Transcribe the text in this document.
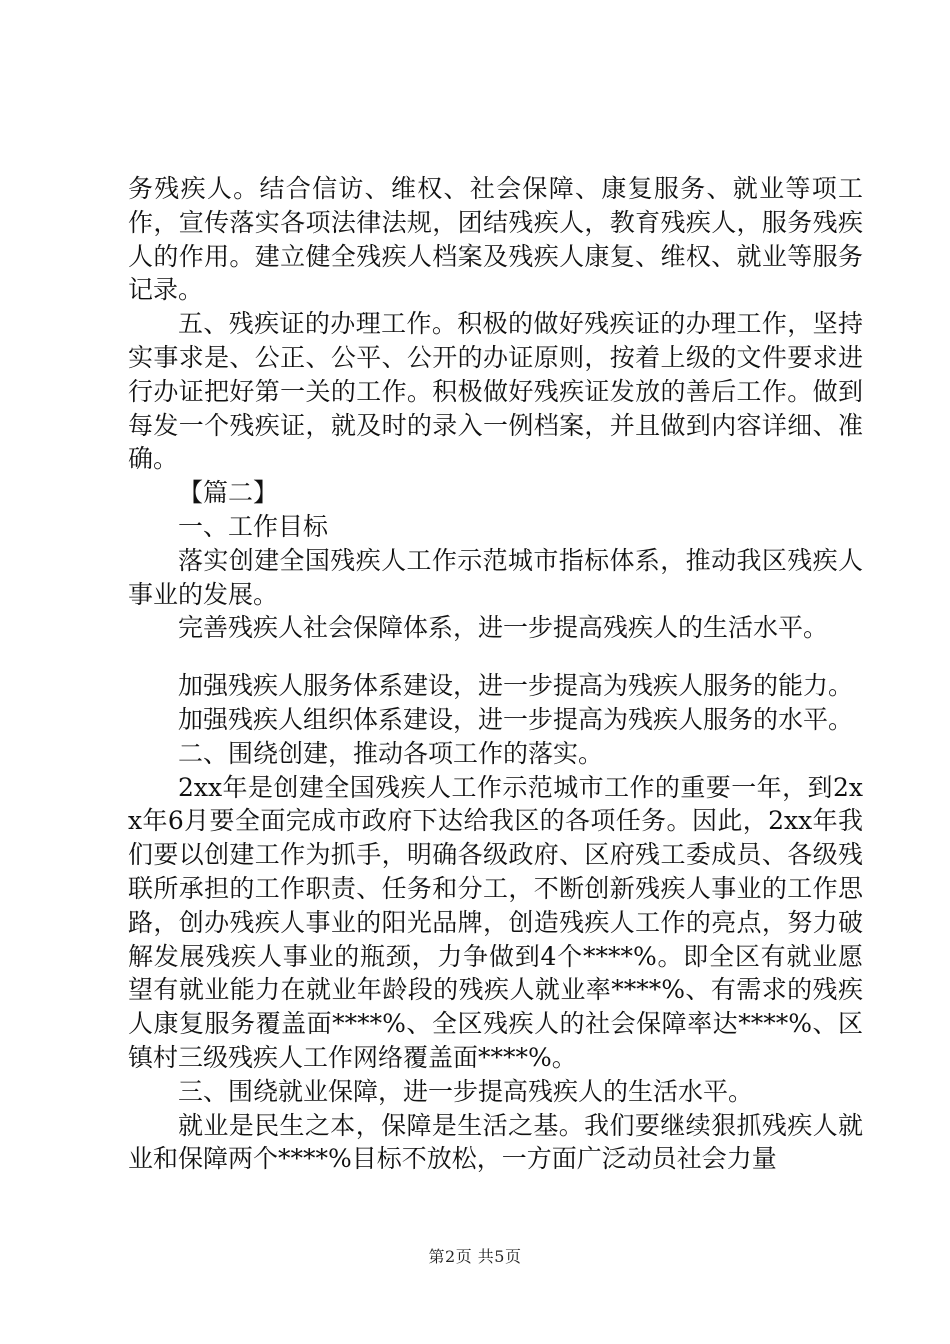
务残疾人。结合信访、维权、社会保障、康复服务、就业等项工作，宣传落实各项法律法规，团结残疾人，教育残疾人，服务残疾人的作用。建立健全残疾人档案及残疾人康复、维权、就业等服务记录。

五、残疾证的办理工作。积极的做好残疾证的办理工作，坚持实事求是、公正、公平、公开的办证原则，按着上级的文件要求进行办证把好第一关的工作。积极做好残疾证发放的善后工作。做到每发一个残疾证，就及时的录入一例档案，并且做到内容详细、准确。

【篇二】

一、工作目标

落实创建全国残疾人工作示范城市指标体系，推动我区残疾人事业的发展。

完善残疾人社会保障体系，进一步提高残疾人的生活水平。

加强残疾人服务体系建设，进一步提高为残疾人服务的能力。

加强残疾人组织体系建设，进一步提高为残疾人服务的水平。

二、围绕创建，推动各项工作的落实。

2xx年是创建全国残疾人工作示范城市工作的重要一年，到2xx年6月要全面完成市政府下达给我区的各项任务。因此，2xx年我们要以创建工作为抓手，明确各级政府、区府残工委成员、各级残联所承担的工作职责、任务和分工，不断创新残疾人事业的工作思路，创办残疾人事业的阳光品牌，创造残疾人工作的亮点，努力破解发展残疾人事业的瓶颈，力争做到4个****%。即全区有就业愿望有就业能力在就业年龄段的残疾人就业率****%、有需求的残疾人康复服务覆盖面****%、全区残疾人的社会保障率达****%、区镇村三级残疾人工作网络覆盖面****%。

三、围绕就业保障，进一步提高残疾人的生活水平。

就业是民生之本，保障是生活之基。我们要继续狠抓残疾人就业和保障两个****%目标不放松，一方面广泛动员社会力量

第2页 共5页
